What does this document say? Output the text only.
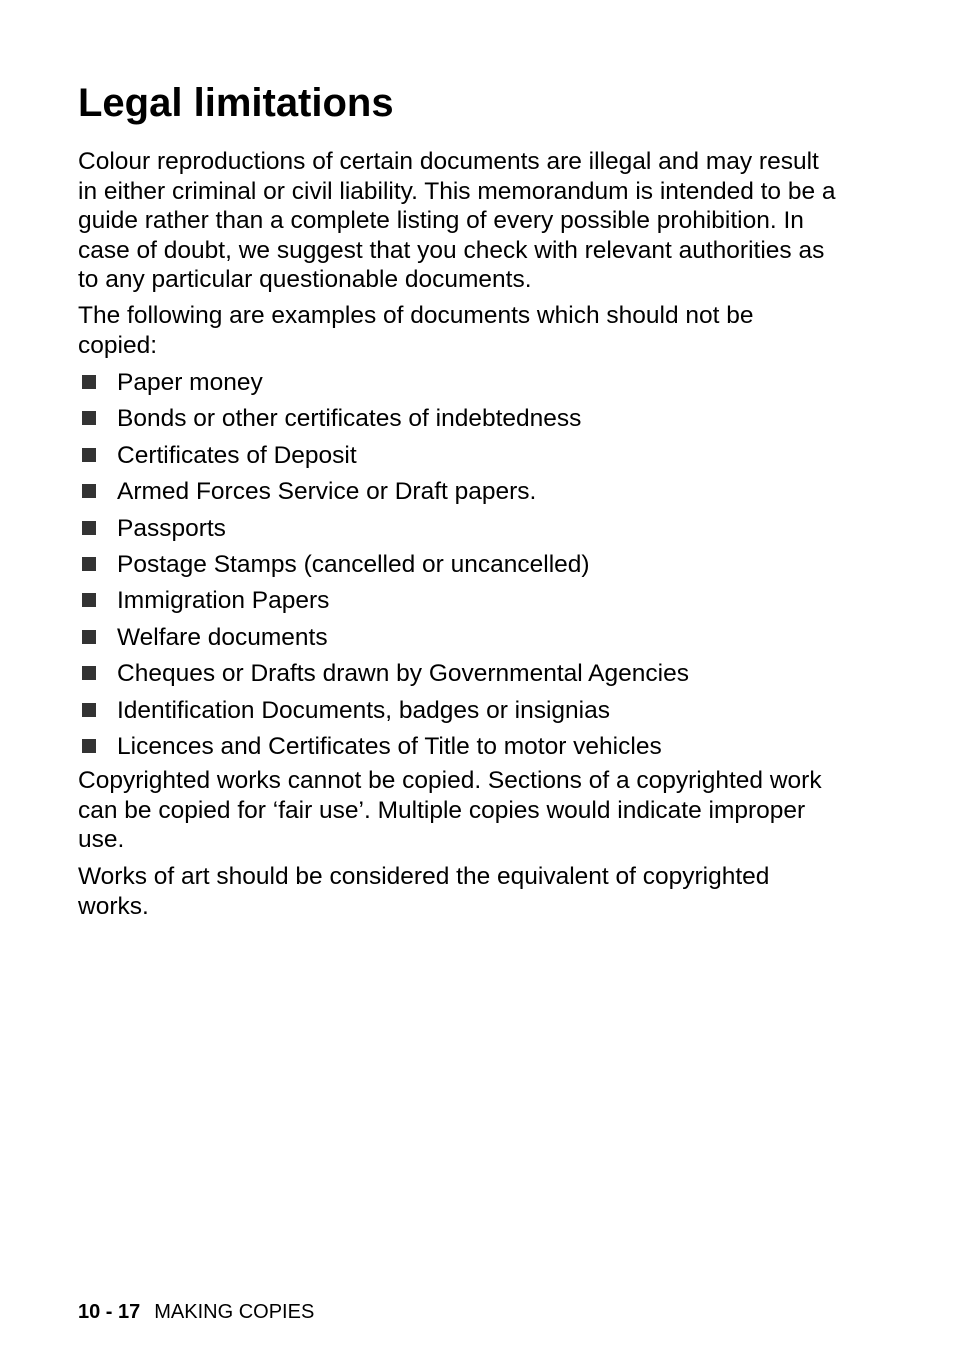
Legal limitations

Colour reproductions of certain documents are illegal and may result in either criminal or civil liability. This memorandum is intended to be a guide rather than a complete listing of every possible prohibition. In case of doubt, we suggest that you check with relevant authorities as to any particular questionable documents.

The following are examples of documents which should not be copied:

Paper money
Bonds or other certificates of indebtedness
Certificates of Deposit
Armed Forces Service or Draft papers.
Passports
Postage Stamps (cancelled or uncancelled)
Immigration Papers
Welfare documents
Cheques or Drafts drawn by Governmental Agencies
Identification Documents, badges or insignias
Licences and Certificates of Title to motor vehicles

Copyrighted works cannot be copied. Sections of a copyrighted work can be copied for ‘fair use’. Multiple copies would indicate improper use.

Works of art should be considered the equivalent of copyrighted works.

10 - 17 MAKING COPIES
